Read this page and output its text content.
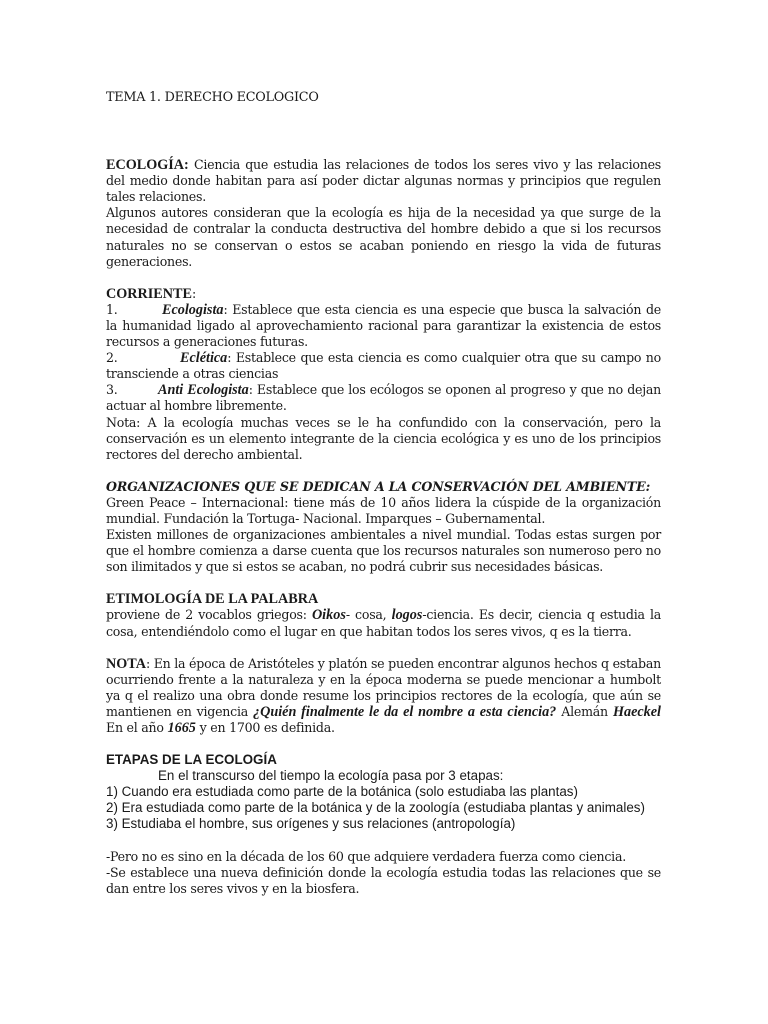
TEMA 1. DERECHO ECOLOGICO

ECOLOGÍA: Ciencia que estudia las relaciones de todos los seres vivo y las relaciones del medio donde habitan para así poder dictar algunas normas y principios que regulen tales relaciones.

Algunos autores consideran que la ecología es hija de la necesidad ya que surge de la necesidad de contralar la conducta destructiva del hombre debido a que si los recursos naturales no se conservan o estos se acaban poniendo en riesgo la vida de futuras generaciones.

CORRIENTE:

1.	Ecologista: Establece que esta ciencia es una especie que busca la salvación de la humanidad ligado al aprovechamiento racional para garantizar la existencia de estos recursos a generaciones futuras.

2.	Eclética: Establece que esta ciencia es como cualquier otra que su campo no transciende a otras ciencias

3.	Anti Ecologista: Establece que los ecólogos se oponen al progreso y que no dejan actuar al hombre libremente.

Nota: A la ecología muchas veces se le ha confundido con la conservación, pero la conservación es un elemento integrante de la ciencia ecológica y es uno de los principios rectores del derecho ambiental.

ORGANIZACIONES QUE SE DEDICAN A LA CONSERVACIÓN DEL AMBIENTE:

Green Peace – Internacional: tiene más de 10 años lidera la cúspide de la organización mundial. Fundación la Tortuga- Nacional. Imparques – Gubernamental.

Existen millones de organizaciones ambientales a nivel mundial. Todas estas surgen por que el hombre comienza a darse cuenta que los recursos naturales son numeroso pero no son ilimitados y que si estos se acaban, no podrá cubrir sus necesidades básicas.

ETIMOLOGÍA DE LA PALABRA

proviene de 2 vocablos griegos: Oikos- cosa, logos-ciencia. Es decir, ciencia q estudia la cosa, entendiéndolo como el lugar en que habitan todos los seres vivos, q es la tierra.

NOTA: En la época de Aristóteles y platón se pueden encontrar algunos hechos q estaban ocurriendo frente a la naturaleza y en la época moderna se puede mencionar a humbolt ya q el realizo una obra donde resume los principios rectores de la ecología, que aún se mantienen en vigencia ¿Quién finalmente le da el nombre a esta ciencia? Alemán Haeckel En el año 1665 y en 1700 es definida.

ETAPAS DE LA ECOLOGÍA

En el transcurso del tiempo la ecología pasa por 3 etapas:

1) Cuando era estudiada como parte de la botánica (solo estudiaba las plantas)

2) Era estudiada como parte de la botánica y de la zoología (estudiaba plantas y animales)

3) Estudiaba el hombre, sus orígenes y sus relaciones (antropología)

-Pero no es sino en la década de los 60 que adquiere verdadera fuerza como ciencia.

-Se establece una nueva definición donde la ecología estudia todas las relaciones que se dan entre los seres vivos y en la biosfera.
